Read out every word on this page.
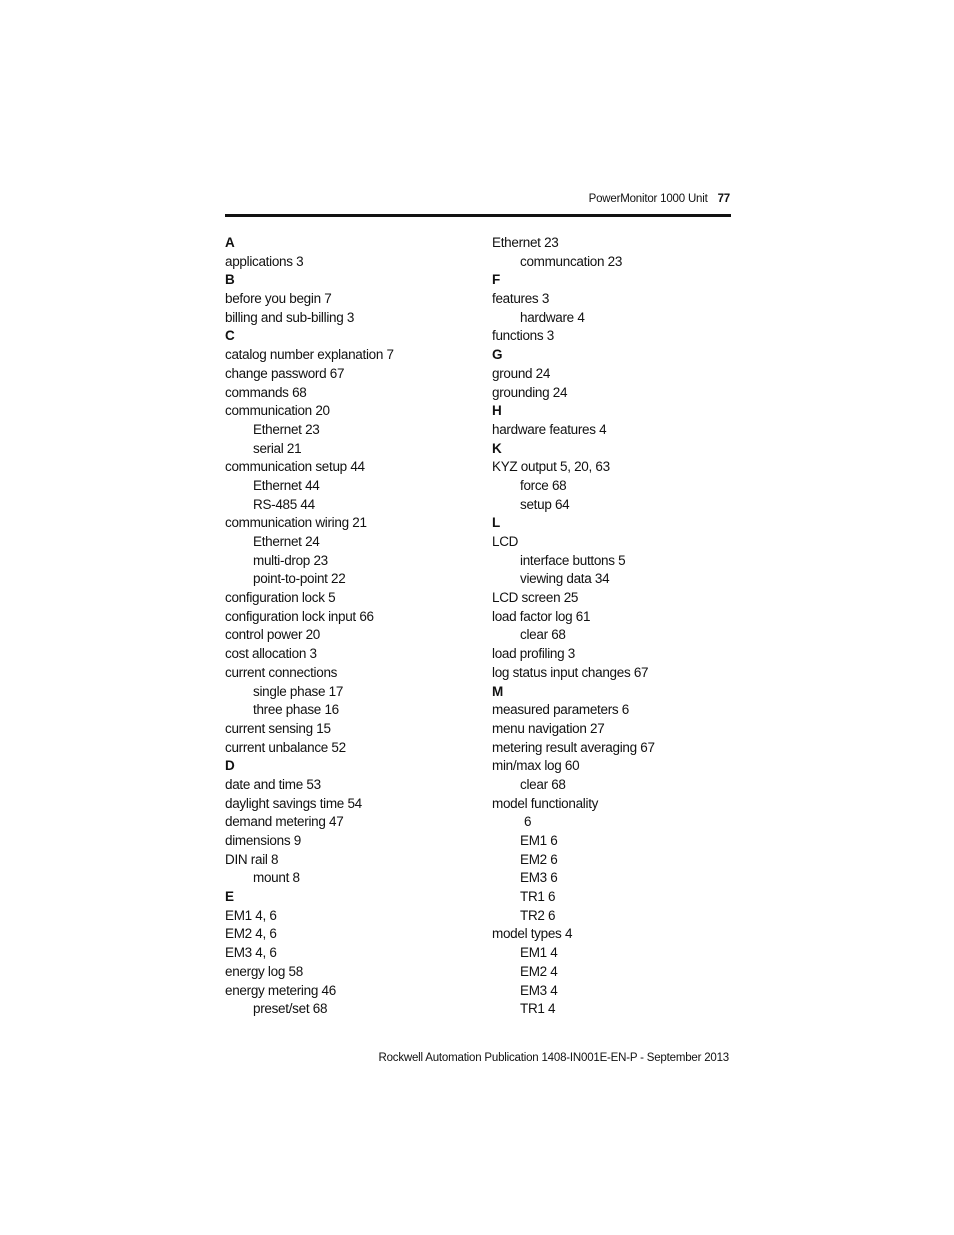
PowerMonitor 1000 Unit 77
A
applications 3
B
before you begin 7
billing and sub-billing 3
C
catalog number explanation 7
change password 67
commands 68
communication 20
Ethernet 23
serial 21
communication setup 44
Ethernet 44
RS-485 44
communication wiring 21
Ethernet 24
multi-drop 23
point-to-point 22
configuration lock 5
configuration lock input 66
control power 20
cost allocation 3
current connections
single phase 17
three phase 16
current sensing 15
current unbalance 52
D
date and time 53
daylight savings time 54
demand metering 47
dimensions 9
DIN rail 8
mount 8
E
EM1 4, 6
EM2 4, 6
EM3 4, 6
energy log 58
energy metering 46
preset/set 68
Ethernet 23
communcation 23
F
features 3
hardware 4
functions 3
G
ground 24
grounding 24
H
hardware features 4
K
KYZ output 5, 20, 63
force 68
setup 64
L
LCD
interface buttons 5
viewing data 34
LCD screen 25
load factor log 61
clear 68
load profiling 3
log status input changes 67
M
measured parameters 6
menu navigation 27
metering result averaging 67
min/max log 60
clear 68
model functionality
6
EM1 6
EM2 6
EM3 6
TR1 6
TR2 6
model types 4
EM1 4
EM2 4
EM3 4
TR1 4
Rockwell Automation Publication 1408-IN001E-EN-P - September 2013
